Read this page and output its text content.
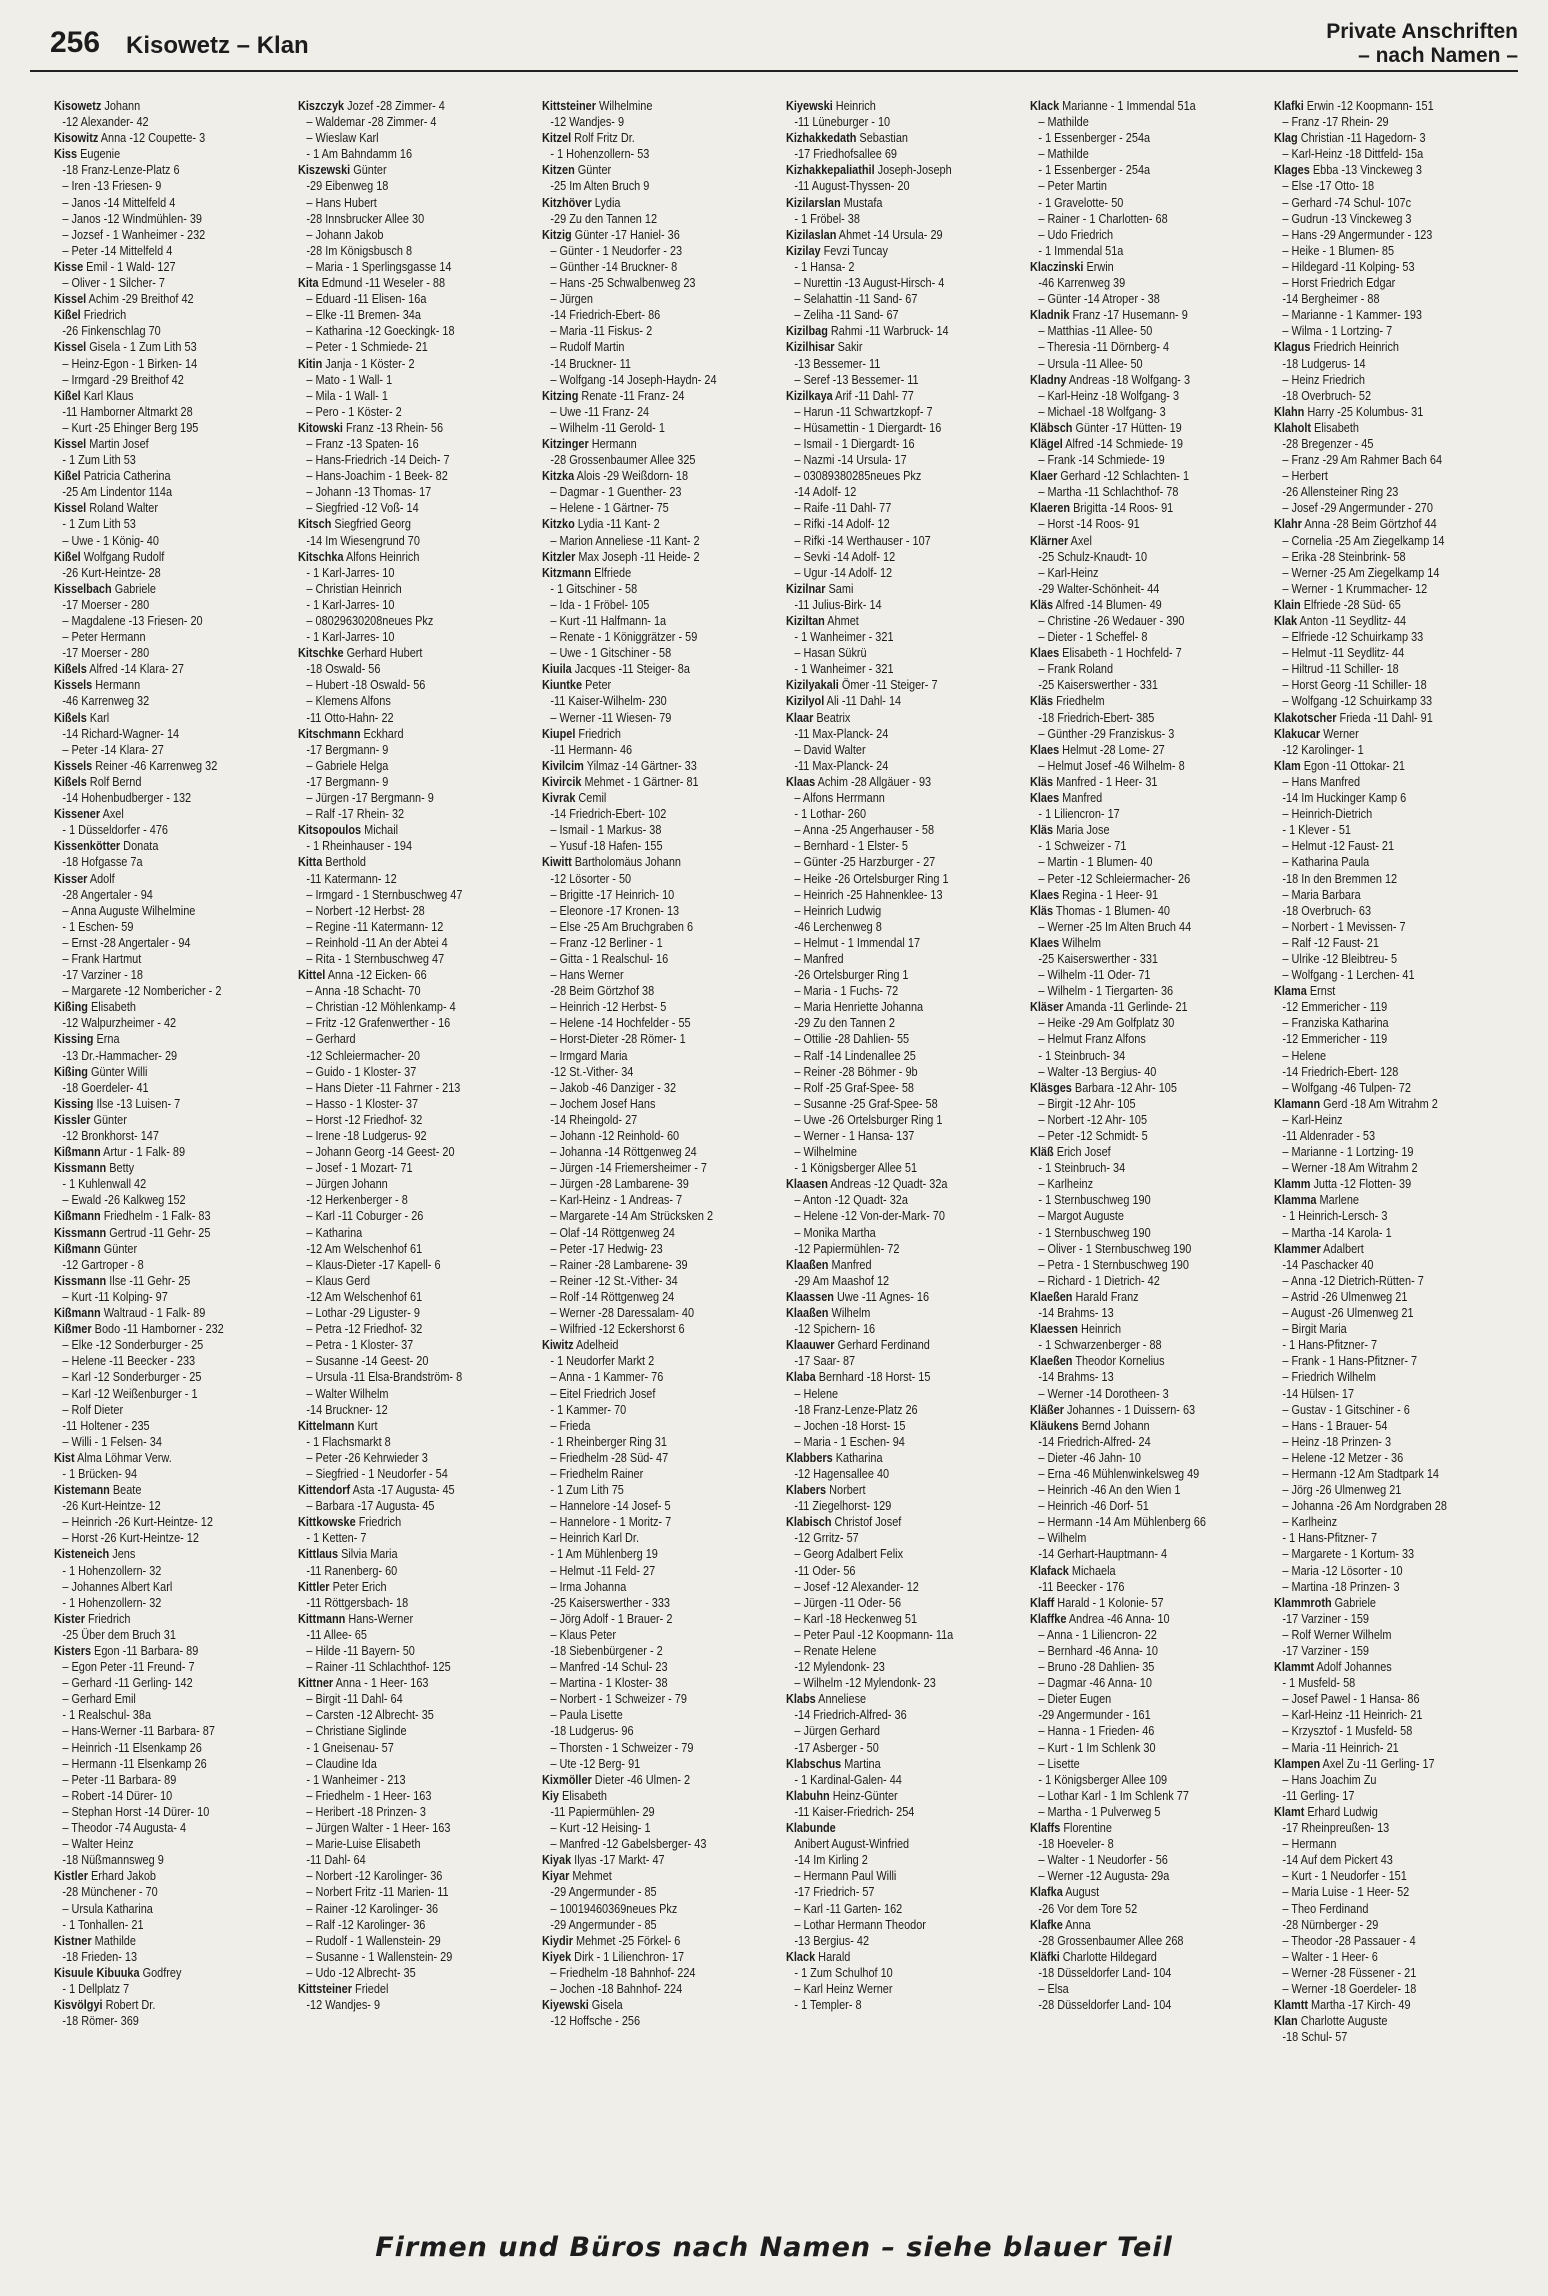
256 Kisowetz – Klan
Private Anschriften
– nach Namen –
Kisowetz Johann
-12 Alexander- 42
Kisowitz Anna -12 Coupette- 3
Kiss Eugenie
-18 Franz-Lenze-Platz 6
– Iren -13 Friesen- 9
– Janos -14 Mittelfeld 4
– Janos -12 Windmühlen- 39
– Jozsef - 1 Wanheimer - 232
– Peter -14 Mittelfeld 4
Kisse Emil - 1 Wald- 127
– Oliver - 1 Silcher- 7
Kissel Achim -29 Breithof 42
Kißel Friedrich
-26 Finkenschlag 70
Kissel Gisela - 1 Zum Lith 53
– Heinz-Egon - 1 Birken- 14
– Irmgard -29 Breithof 42
Kißel Karl Klaus
-11 Hamborner Altmarkt 28
– Kurt -25 Ehinger Berg 195
Kissel Martin Josef
- 1 Zum Lith 53
Kißel Patricia Catherina
-25 Am Lindentor 114a
Kissel Roland Walter
- 1 Zum Lith 53
– Uwe - 1 König- 40
Kißel Wolfgang Rudolf
-26 Kurt-Heintze- 28
Kisselbach Gabriele
-17 Moerser - 280
– Magdalene -13 Friesen- 20
– Peter Hermann
-17 Moerser - 280
Kißels Alfred -14 Klara- 27
Kissels Hermann
-46 Karrenweg 32
Kißels Karl
-14 Richard-Wagner- 14
– Peter -14 Klara- 27
Kissels Reiner -46 Karrenweg 32
Kißels Rolf Bernd
-14 Hohenbudberger - 132
Kissener Axel
- 1 Düsseldorfer - 476
Kissenkötter Donata
-18 Hofgasse 7a
Kisser Adolf
-28 Angertaler - 94
– Anna Auguste Wilhelmine
- 1 Eschen- 59
– Ernst -28 Angertaler - 94
– Frank Hartmut
-17 Varziner - 18
– Margarete -12 Nombericher - 2
Kißing Elisabeth
-12 Walpurzheimer - 42
Kissing Erna
-13 Dr.-Hammacher- 29
Kißing Günter Willi
-18 Goerdeler- 41
Kissing Ilse -13 Luisen- 7
Kissler Günter
-12 Bronkhorst- 147
Kißmann Artur - 1 Falk- 89
Kissmann Betty
- 1 Kuhlenwall 42
– Ewald -26 Kalkweg 152
Kißmann Friedhelm - 1 Falk- 83
Kissmann Gertrud -11 Gehr- 25
Kißmann Günter
-12 Gartroper - 8
Kissmann Ilse -11 Gehr- 25
– Kurt -11 Kolping- 97
Kißmann Waltraud - 1 Falk- 89
Kißmer Bodo -11 Hamborner - 232
– Elke -12 Sonderburger - 25
– Helene -11 Beecker - 233
– Karl -12 Sonderburger - 25
– Karl -12 Weißenburger - 1
– Rolf Dieter
-11 Holtener - 235
– Willi - 1 Felsen- 34
Kist Alma Löhmar Verw.
- 1 Brücken- 94
Kistemann Beate
-26 Kurt-Heintze- 12
– Heinrich -26 Kurt-Heintze- 12
– Horst -26 Kurt-Heintze- 12
Kisteneich Jens
- 1 Hohenzollern- 32
– Johannes Albert Karl
- 1 Hohenzollern- 32
Kister Friedrich
-25 Über dem Bruch 31
Kisters Egon -11 Barbara- 89
– Egon Peter -11 Freund- 7
– Gerhard -11 Gerling- 142
– Gerhard Emil
- 1 Realschul- 38a
– Hans-Werner -11 Barbara- 87
– Heinrich -11 Elsenkamp 26
– Hermann -11 Elsenkamp 26
– Peter -11 Barbara- 89
– Robert -14 Dürer- 10
– Stephan Horst -14 Dürer- 10
– Theodor -74 Augusta- 4
– Walter Heinz
-18 Nüßmannsweg 9
Kistler Erhard Jakob
-28 Münchener - 70
– Ursula Katharina
- 1 Tonhallen- 21
Kistner Mathilde
-18 Frieden- 13
Kisuule Kibuuka Godfrey
- 1 Dellplatz 7
Kisvölgyi Robert Dr.
-18 Römer- 369
Kiszczyk Jozef -28 Zimmer- 4
– Waldemar -28 Zimmer- 4
– Wieslaw Karl
- 1 Am Bahndamm 16
Kiszewski Günter
-29 Eibenweg 18
– Hans Hubert
-28 Innsbrucker Allee 30
– Johann Jakob
-28 Im Königsbusch 8
– Maria - 1 Sperlingsgasse 14
Kita Edmund -11 Weseler - 88
– Eduard -11 Elisen- 16a
– Elke -11 Bremen- 34a
– Katharina -12 Goeckingk- 18
– Peter - 1 Schmiede- 21
Kitin Janja - 1 Köster- 2
– Mato - 1 Wall- 1
– Mila - 1 Wall- 1
– Pero - 1 Köster- 2
Kitowski Franz -13 Rhein- 56
– Franz -13 Spaten- 16
– Hans-Friedrich -14 Deich- 7
– Hans-Joachim - 1 Beek- 82
– Johann -13 Thomas- 17
– Siegfried -12 Voß- 14
Kitsch Siegfried Georg
-14 Im Wiesengrund 70
Kitschka Alfons Heinrich
- 1 Karl-Jarres- 10
– Christian Heinrich
- 1 Karl-Jarres- 10
– 08029630208neues Pkz
- 1 Karl-Jarres- 10
Kitschke Gerhard Hubert
-18 Oswald- 56
– Hubert -18 Oswald- 56
– Klemens Alfons
-11 Otto-Hahn- 22
Kitschmann Eckhard
-17 Bergmann- 9
– Gabriele Helga
-17 Bergmann- 9
– Jürgen -17 Bergmann- 9
– Ralf -17 Rhein- 32
Kitsopoulos Michail
- 1 Rheinhauser - 194
Kitta Berthold
-11 Katermann- 12
– Irmgard - 1 Sternbuschweg 47
– Norbert -12 Herbst- 28
– Regine -11 Katermann- 12
– Reinhold -11 An der Abtei 4
– Rita - 1 Sternbuschweg 47
Kittel Anna -12 Eicken- 66
– Anna -18 Schacht- 70
– Christian -12 Möhlenkamp- 4
– Fritz -12 Grafenwerther - 16
– Gerhard
-12 Schleiermacher- 20
– Guido - 1 Kloster- 37
– Hans Dieter -11 Fahrner - 213
– Hasso - 1 Kloster- 37
– Horst -12 Friedhof- 32
– Irene -18 Ludgerus- 92
– Johann Georg -14 Geest- 20
– Josef - 1 Mozart- 71
– Jürgen Johann
-12 Herkenberger - 8
– Karl -11 Coburger - 26
– Katharina
-12 Am Welschenhof 61
– Klaus-Dieter -17 Kapell- 6
– Klaus Gerd
-12 Am Welschenhof 61
– Lothar -29 Liguster- 9
– Petra -12 Friedhof- 32
– Petra - 1 Kloster- 37
– Susanne -14 Geest- 20
– Ursula -11 Elsa-Brandström- 8
– Walter Wilhelm
-14 Bruckner- 12
Kittelmann Kurt
- 1 Flachsmarkt 8
– Peter -26 Kehrwieder 3
– Siegfried - 1 Neudorfer - 54
Kittendorf Asta -17 Augusta- 45
– Barbara -17 Augusta- 45
Kittkowske Friedrich
- 1 Ketten- 7
Kittlaus Silvia Maria
-11 Ranenberg- 60
Kittler Peter Erich
-11 Röttgersbach- 18
Kittmann Hans-Werner
-11 Allee- 65
– Hilde -11 Bayern- 50
– Rainer -11 Schlachthof- 125
Kittner Anna - 1 Heer- 163
– Birgit -11 Dahl- 64
– Carsten -12 Albrecht- 35
– Christiane Siglinde
- 1 Gneisenau- 57
– Claudine Ida
- 1 Wanheimer - 213
– Friedhelm - 1 Heer- 163
– Heribert -18 Prinzen- 3
– Jürgen Walter - 1 Heer- 163
– Marie-Luise Elisabeth
-11 Dahl- 64
– Norbert -12 Karolinger- 36
– Norbert Fritz -11 Marien- 11
– Rainer -12 Karolinger- 36
– Ralf -12 Karolinger- 36
– Rudolf - 1 Wallenstein- 29
– Susanne - 1 Wallenstein- 29
– Udo -12 Albrecht- 35
Kittsteiner Friedel
-12 Wandjes- 9
Kittsteiner Wilhelmine
-12 Wandjes- 9
Kitzel Rolf Fritz Dr.
- 1 Hohenzollern- 53
Kitzen Günter
-25 Im Alten Bruch 9
Kitzhöver Lydia
-29 Zu den Tannen 12
Kitzig Günter -17 Haniel- 36
– Günter - 1 Neudorfer - 23
– Günther -14 Bruckner- 8
– Hans -25 Schwalbenweg 23
– Jürgen
-14 Friedrich-Ebert- 86
– Maria -11 Fiskus- 2
– Rudolf Martin
-14 Bruckner- 11
– Wolfgang -14 Joseph-Haydn- 24
Kitzing Renate -11 Franz- 24
– Uwe -11 Franz- 24
– Wilhelm -11 Gerold- 1
Kitzinger Hermann
-28 Grossenbaumer Allee 325
Kitzka Alois -29 Weißdorn- 18
– Dagmar - 1 Guenther- 23
– Helene - 1 Gärtner- 75
Kitzko Lydia -11 Kant- 2
– Marion Anneliese -11 Kant- 2
Kitzler Max Joseph -11 Heide- 2
Kitzmann Elfriede
- 1 Gitschiner - 58
– Ida - 1 Fröbel- 105
– Kurt -11 Halfmann- 1a
– Renate - 1 Königgrätzer - 59
– Uwe - 1 Gitschiner - 58
Kiuila Jacques -11 Steiger- 8a
Kiuntke Peter
-11 Kaiser-Wilhelm- 230
– Werner -11 Wiesen- 79
Kiupel Friedrich
-11 Hermann- 46
Kivilcim Yilmaz -14 Gärtner- 33
Kivircik Mehmet - 1 Gärtner- 81
Kivrak Cemil
-14 Friedrich-Ebert- 102
– Ismail - 1 Markus- 38
– Yusuf -18 Hafen- 155
Kiwitt Bartholomäus Johann
-12 Lösorter - 50
– Brigitte -17 Heinrich- 10
– Eleonore -17 Kronen- 13
– Else -25 Am Bruchgraben 6
– Franz -12 Berliner - 1
– Gitta - 1 Realschul- 16
– Hans Werner
-28 Beim Görtzhof 38
– Heinrich -12 Herbst- 5
– Helene -14 Hochfelder - 55
– Horst-Dieter -28 Römer- 1
– Irmgard Maria
-12 St.-Vither- 34
– Jakob -46 Danziger - 32
– Jochem Josef Hans
-14 Rheingold- 27
– Johann -12 Reinhold- 60
– Johanna -14 Röttgenweg 24
– Jürgen -14 Friemersheimer - 7
– Jürgen -28 Lambarene- 39
– Karl-Heinz - 1 Andreas- 7
– Margarete -14 Am Strücksken 2
– Olaf -14 Röttgenweg 24
– Peter -17 Hedwig- 23
– Rainer -28 Lambarene- 39
– Reiner -12 St.-Vither- 34
– Rolf -14 Röttgenweg 24
– Werner -28 Daressalam- 40
– Wilfried -12 Eckershorst 6
Kiwitz Adelheid
- 1 Neudorfer Markt 2
– Anna - 1 Kammer- 76
– Eitel Friedrich Josef
- 1 Kammer- 70
– Frieda
- 1 Rheinberger Ring 31
– Friedhelm -28 Süd- 47
– Friedhelm Rainer
- 1 Zum Lith 75
– Hannelore -14 Josef- 5
– Hannelore - 1 Moritz- 7
– Heinrich Karl Dr.
- 1 Am Mühlenberg 19
– Helmut -11 Feld- 27
– Irma Johanna
-25 Kaiserswerther - 333
– Jörg Adolf - 1 Brauer- 2
– Klaus Peter
-18 Siebenbürgener - 2
– Manfred -14 Schul- 23
– Martina - 1 Kloster- 38
– Norbert - 1 Schweizer - 79
– Paula Lisette
-18 Ludgerus- 96
– Thorsten - 1 Schweizer - 79
– Ute -12 Berg- 91
Kixmöller Dieter -46 Ulmen- 2
Kiy Elisabeth
-11 Papiermühlen- 29
– Kurt -12 Heising- 1
– Manfred -12 Gabelsberger- 43
Kiyak Ilyas -17 Markt- 47
Kiyar Mehmet
-29 Angermunder - 85
– 10019460369neues Pkz
-29 Angermunder - 85
Kiydir Mehmet -25 Förkel- 6
Kiyek Dirk - 1 Lilienchron- 17
– Friedhelm -18 Bahnhof- 224
– Jochen -18 Bahnhof- 224
Kiyewski Gisela
-12 Hoffsche - 256
Kiyewski Heinrich
-11 Lüneburger - 10
Kizhakkedath Sebastian
-17 Friedhofsallee 69
Kizhakkepaliathil Joseph-Joseph
-11 August-Thyssen- 20
Kizilarslan Mustafa
- 1 Fröbel- 38
Kizilaslan Ahmet -14 Ursula- 29
Kizilay Fevzi Tuncay
- 1 Hansa- 2
– Nurettin -13 August-Hirsch- 4
– Selahattin -11 Sand- 67
– Zeliha -11 Sand- 67
Kizilbag Rahmi -11 Warbruck- 14
Kizilhisar Sakir
-13 Bessemer- 11
– Seref -13 Bessemer- 11
Kizilkaya Arif -11 Dahl- 77
– Harun -11 Schwartzkopf- 7
– Hüsamettin - 1 Diergardt- 16
– Ismail - 1 Diergardt- 16
– Nazmi -14 Ursula- 17
– 03089380285neues Pkz
-14 Adolf- 12
– Raife -11 Dahl- 77
– Rifki -14 Adolf- 12
– Rifki -14 Werthauser - 107
– Sevki -14 Adolf- 12
– Ugur -14 Adolf- 12
Kizilnar Sami
-11 Julius-Birk- 14
Kiziltan Ahmet
- 1 Wanheimer - 321
– Hasan Sükrü
- 1 Wanheimer - 321
Kizilyakali Ömer -11 Steiger- 7
Kizilyol Ali -11 Dahl- 14
Klaar Beatrix
-11 Max-Planck- 24
– David Walter
-11 Max-Planck- 24
Klaas Achim -28 Allgäuer - 93
– Alfons Herrmann
- 1 Lothar- 260
– Anna -25 Angerhauser - 58
– Bernhard - 1 Elster- 5
– Günter -25 Harzburger - 27
– Heike -26 Ortelsburger Ring 1
– Heinrich -25 Hahnenklee- 13
– Heinrich Ludwig
-46 Lerchenweg 8
– Helmut - 1 Immendal 17
– Manfred
-26 Ortelsburger Ring 1
– Maria - 1 Fuchs- 72
– Maria Henriette Johanna
-29 Zu den Tannen 2
– Ottilie -28 Dahlien- 55
– Ralf -14 Lindenallee 25
– Reiner -28 Böhmer - 9b
– Rolf -25 Graf-Spee- 58
– Susanne -25 Graf-Spee- 58
– Uwe -26 Ortelsburger Ring 1
– Werner - 1 Hansa- 137
– Wilhelmine
- 1 Königsberger Allee 51
Klaasen Andreas -12 Quadt- 32a
– Anton -12 Quadt- 32a
– Helene -12 Von-der-Mark- 70
– Monika Martha
-12 Papiermühlen- 72
Klaaßen Manfred
-29 Am Maashof 12
Klaassen Uwe -11 Agnes- 16
Klaaßen Wilhelm
-12 Spichern- 16
Klaauwer Gerhard Ferdinand
-17 Saar- 87
Klaba Bernhard -18 Horst- 15
– Helene
-18 Franz-Lenze-Platz 26
– Jochen -18 Horst- 15
– Maria - 1 Eschen- 94
Klabbers Katharina
-12 Hagensallee 40
Klabers Norbert
-11 Ziegelhorst- 129
Klabisch Christof Josef
-12 Grritz- 57
– Georg Adalbert Felix
-11 Oder- 56
– Josef -12 Alexander- 12
– Jürgen -11 Oder- 56
– Karl -18 Heckenweg 51
– Peter Paul -12 Koopmann- 11a
– Renate Helene
-12 Mylendonk- 23
– Wilhelm -12 Mylendonk- 23
Klabs Anneliese
-14 Friedrich-Alfred- 36
– Jürgen Gerhard
-17 Asberger - 50
Klabschus Martina
- 1 Kardinal-Galen- 44
Klabuhn Heinz-Günter
-11 Kaiser-Friedrich- 254
Klabunde
Anibert August-Winfried
-14 Im Kirling 2
– Hermann Paul Willi
-17 Friedrich- 57
– Karl -11 Garten- 162
– Lothar Hermann Theodor
-13 Bergius- 42
Klack Harald
- 1 Zum Schulhof 10
– Karl Heinz Werner
- 1 Templer- 8
Klack Marianne - 1 Immendal 51a
– Mathilde
- 1 Essenberger - 254a
– Mathilde
- 1 Essenberger - 254a
– Peter Martin
- 1 Gravelotte- 50
– Rainer - 1 Charlotten- 68
– Udo Friedrich
- 1 Immendal 51a
Klaczinski Erwin
-46 Karrenweg 39
– Günter -14 Atroper - 38
Kladnik Franz -17 Husemann- 9
– Matthias -11 Allee- 50
– Theresia -11 Dörnberg- 4
– Ursula -11 Allee- 50
Kladny Andreas -18 Wolfgang- 3
– Karl-Heinz -18 Wolfgang- 3
– Michael -18 Wolfgang- 3
Kläbsch Günter -17 Hütten- 19
Klägel Alfred -14 Schmiede- 19
– Frank -14 Schmiede- 19
Klaer Gerhard -12 Schlachten- 1
– Martha -11 Schlachthof- 78
Klaeren Brigitta -14 Roos- 91
– Horst -14 Roos- 91
Klärner Axel
-25 Schulz-Knaudt- 10
– Karl-Heinz
-29 Walter-Schönheit- 44
Kläs Alfred -14 Blumen- 49
– Christine -26 Wedauer - 390
– Dieter - 1 Scheffel- 8
Klaes Elisabeth - 1 Hochfeld- 7
– Frank Roland
-25 Kaiserswerther - 331
Kläs Friedhelm
-18 Friedrich-Ebert- 385
– Günther -29 Franziskus- 3
Klaes Helmut -28 Lome- 27
– Helmut Josef -46 Wilhelm- 8
Kläs Manfred - 1 Heer- 31
Klaes Manfred
- 1 Liliencron- 17
Kläs Maria Jose
- 1 Schweizer - 71
– Martin - 1 Blumen- 40
– Peter -12 Schleiermacher- 26
Klaes Regina - 1 Heer- 91
Kläs Thomas - 1 Blumen- 40
– Werner -25 Im Alten Bruch 44
Klaes Wilhelm
-25 Kaiserswerther - 331
– Wilhelm -11 Oder- 71
– Wilhelm - 1 Tiergarten- 36
Kläser Amanda -11 Gerlinde- 21
– Heike -29 Am Golfplatz 30
– Helmut Franz Alfons
- 1 Steinbruch- 34
– Walter -13 Bergius- 40
Kläsges Barbara -12 Ahr- 105
– Birgit -12 Ahr- 105
– Norbert -12 Ahr- 105
– Peter -12 Schmidt- 5
Kläß Erich Josef
- 1 Steinbruch- 34
– Karlheinz
- 1 Sternbuschweg 190
– Margot Auguste
- 1 Sternbuschweg 190
– Oliver - 1 Sternbuschweg 190
– Petra - 1 Sternbuschweg 190
– Richard - 1 Dietrich- 42
Klaeßen Harald Franz
-14 Brahms- 13
Klaessen Heinrich
- 1 Schwarzenberger - 88
Klaeßen Theodor Kornelius
-14 Brahms- 13
– Werner -14 Dorotheen- 3
Kläßer Johannes - 1 Duissern- 63
Kläukens Bernd Johann
-14 Friedrich-Alfred- 24
– Dieter -46 Jahn- 10
– Erna -46 Mühlenwinkelsweg 49
– Heinrich -46 An den Wien 1
– Heinrich -46 Dorf- 51
– Hermann -14 Am Mühlenberg 66
– Wilhelm
-14 Gerhart-Hauptmann- 4
Klafack Michaela
-11 Beecker - 176
Klaff Harald - 1 Kolonie- 57
Klaffke Andrea -46 Anna- 10
– Anna - 1 Liliencron- 22
– Bernhard -46 Anna- 10
– Bruno -28 Dahlien- 35
– Dagmar -46 Anna- 10
– Dieter Eugen
-29 Angermunder - 161
– Hanna - 1 Frieden- 46
– Kurt - 1 Im Schlenk 30
– Lisette
- 1 Königsberger Allee 109
– Lothar Karl - 1 Im Schlenk 77
– Martha - 1 Pulverweg 5
Klaffs Florentine
-18 Hoeveler- 8
– Walter - 1 Neudorfer - 56
– Werner -12 Augusta- 29a
Klafka August
-26 Vor dem Tore 52
Klafke Anna
-28 Grossenbaumer Allee 268
Kläfki Charlotte Hildegard
-18 Düsseldorfer Land- 104
– Elsa
-28 Düsseldorfer Land- 104
Klafki Erwin -12 Koopmann- 151
– Franz -17 Rhein- 29
Klag Christian -11 Hagedorn- 3
– Karl-Heinz -18 Dittfeld- 15a
Klages Ebba -13 Vinckeweg 3
– Else -17 Otto- 18
– Gerhard -74 Schul- 107c
– Gudrun -13 Vinckeweg 3
– Hans -29 Angermunder - 123
– Heike - 1 Blumen- 85
– Hildegard -11 Kolping- 53
– Horst Friedrich Edgar
-14 Bergheimer - 88
– Marianne - 1 Kammer- 193
– Wilma - 1 Lortzing- 7
Klagus Friedrich Heinrich
-18 Ludgerus- 14
– Heinz Friedrich
-18 Overbruch- 52
Klahn Harry -25 Kolumbus- 31
Klaholt Elisabeth
-28 Bregenzer - 45
– Franz -29 Am Rahmer Bach 64
– Herbert
-26 Allensteiner Ring 23
– Josef -29 Angermunder - 270
Klahr Anna -28 Beim Görtzhof 44
– Cornelia -25 Am Ziegelkamp 14
– Erika -28 Steinbrink- 58
– Werner -25 Am Ziegelkamp 14
– Werner - 1 Krummacher- 12
Klain Elfriede -28 Süd- 65
Klak Anton -11 Seydlitz- 44
– Elfriede -12 Schuirkamp 33
– Helmut -11 Seydlitz- 44
– Hiltrud -11 Schiller- 18
– Horst Georg -11 Schiller- 18
– Wolfgang -12 Schuirkamp 33
Klakotscher Frieda -11 Dahl- 91
Klakucar Werner
-12 Karolinger- 1
Klam Egon -11 Ottokar- 21
– Hans Manfred
-14 Im Huckinger Kamp 6
– Heinrich-Dietrich
- 1 Klever - 51
– Helmut -12 Faust- 21
– Katharina Paula
-18 In den Bremmen 12
– Maria Barbara
-18 Overbruch- 63
– Norbert - 1 Mevissen- 7
– Ralf -12 Faust- 21
– Ulrike -12 Bleibtreu- 5
– Wolfgang - 1 Lerchen- 41
Klama Ernst
-12 Emmericher - 119
– Franziska Katharina
-12 Emmericher - 119
– Helene
-14 Friedrich-Ebert- 128
– Wolfgang -46 Tulpen- 72
Klamann Gerd -18 Am Witrahm 2
– Karl-Heinz
-11 Aldenrader - 53
– Marianne - 1 Lortzing- 19
– Werner -18 Am Witrahm 2
Klamm Jutta -12 Flotten- 39
Klamma Marlene
- 1 Heinrich-Lersch- 3
– Martha -14 Karola- 1
Klammer Adalbert
-14 Paschacker 40
– Anna -12 Dietrich-Rütten- 7
– Astrid -26 Ulmenweg 21
– August -26 Ulmenweg 21
– Birgit Maria
- 1 Hans-Pfitzner- 7
– Frank - 1 Hans-Pfitzner- 7
– Friedrich Wilhelm
-14 Hülsen- 17
– Gustav - 1 Gitschiner - 6
– Hans - 1 Brauer- 54
– Heinz -18 Prinzen- 3
– Helene -12 Metzer - 36
– Hermann -12 Am Stadtpark 14
– Jörg -26 Ulmenweg 21
– Johanna -26 Am Nordgraben 28
– Karlheinz
- 1 Hans-Pfitzner- 7
– Margarete - 1 Kortum- 33
– Maria -12 Lösorter - 10
– Martina -18 Prinzen- 3
Klammroth Gabriele
-17 Varziner - 159
– Rolf Werner Wilhelm
-17 Varziner - 159
Klammt Adolf Johannes
- 1 Musfeld- 58
– Josef Pawel - 1 Hansa- 86
– Karl-Heinz -11 Heinrich- 21
– Krzysztof - 1 Musfeld- 58
– Maria -11 Heinrich- 21
Klampen Axel Zu -11 Gerling- 17
– Hans Joachim Zu
-11 Gerling- 17
Klamt Erhard Ludwig
-17 Rheinpreußen- 13
– Hermann
-14 Auf dem Pickert 43
– Kurt - 1 Neudorfer - 151
– Maria Luise - 1 Heer- 52
– Theo Ferdinand
-28 Nürnberger - 29
– Theodor -28 Passauer - 4
– Walter - 1 Heer- 6
– Werner -28 Füssener - 21
– Werner -18 Goerdeler- 18
Klamtt Martha -17 Kirch- 49
Klan Charlotte Auguste
-18 Schul- 57
Firmen und Büros nach Namen – siehe blauer Teil
